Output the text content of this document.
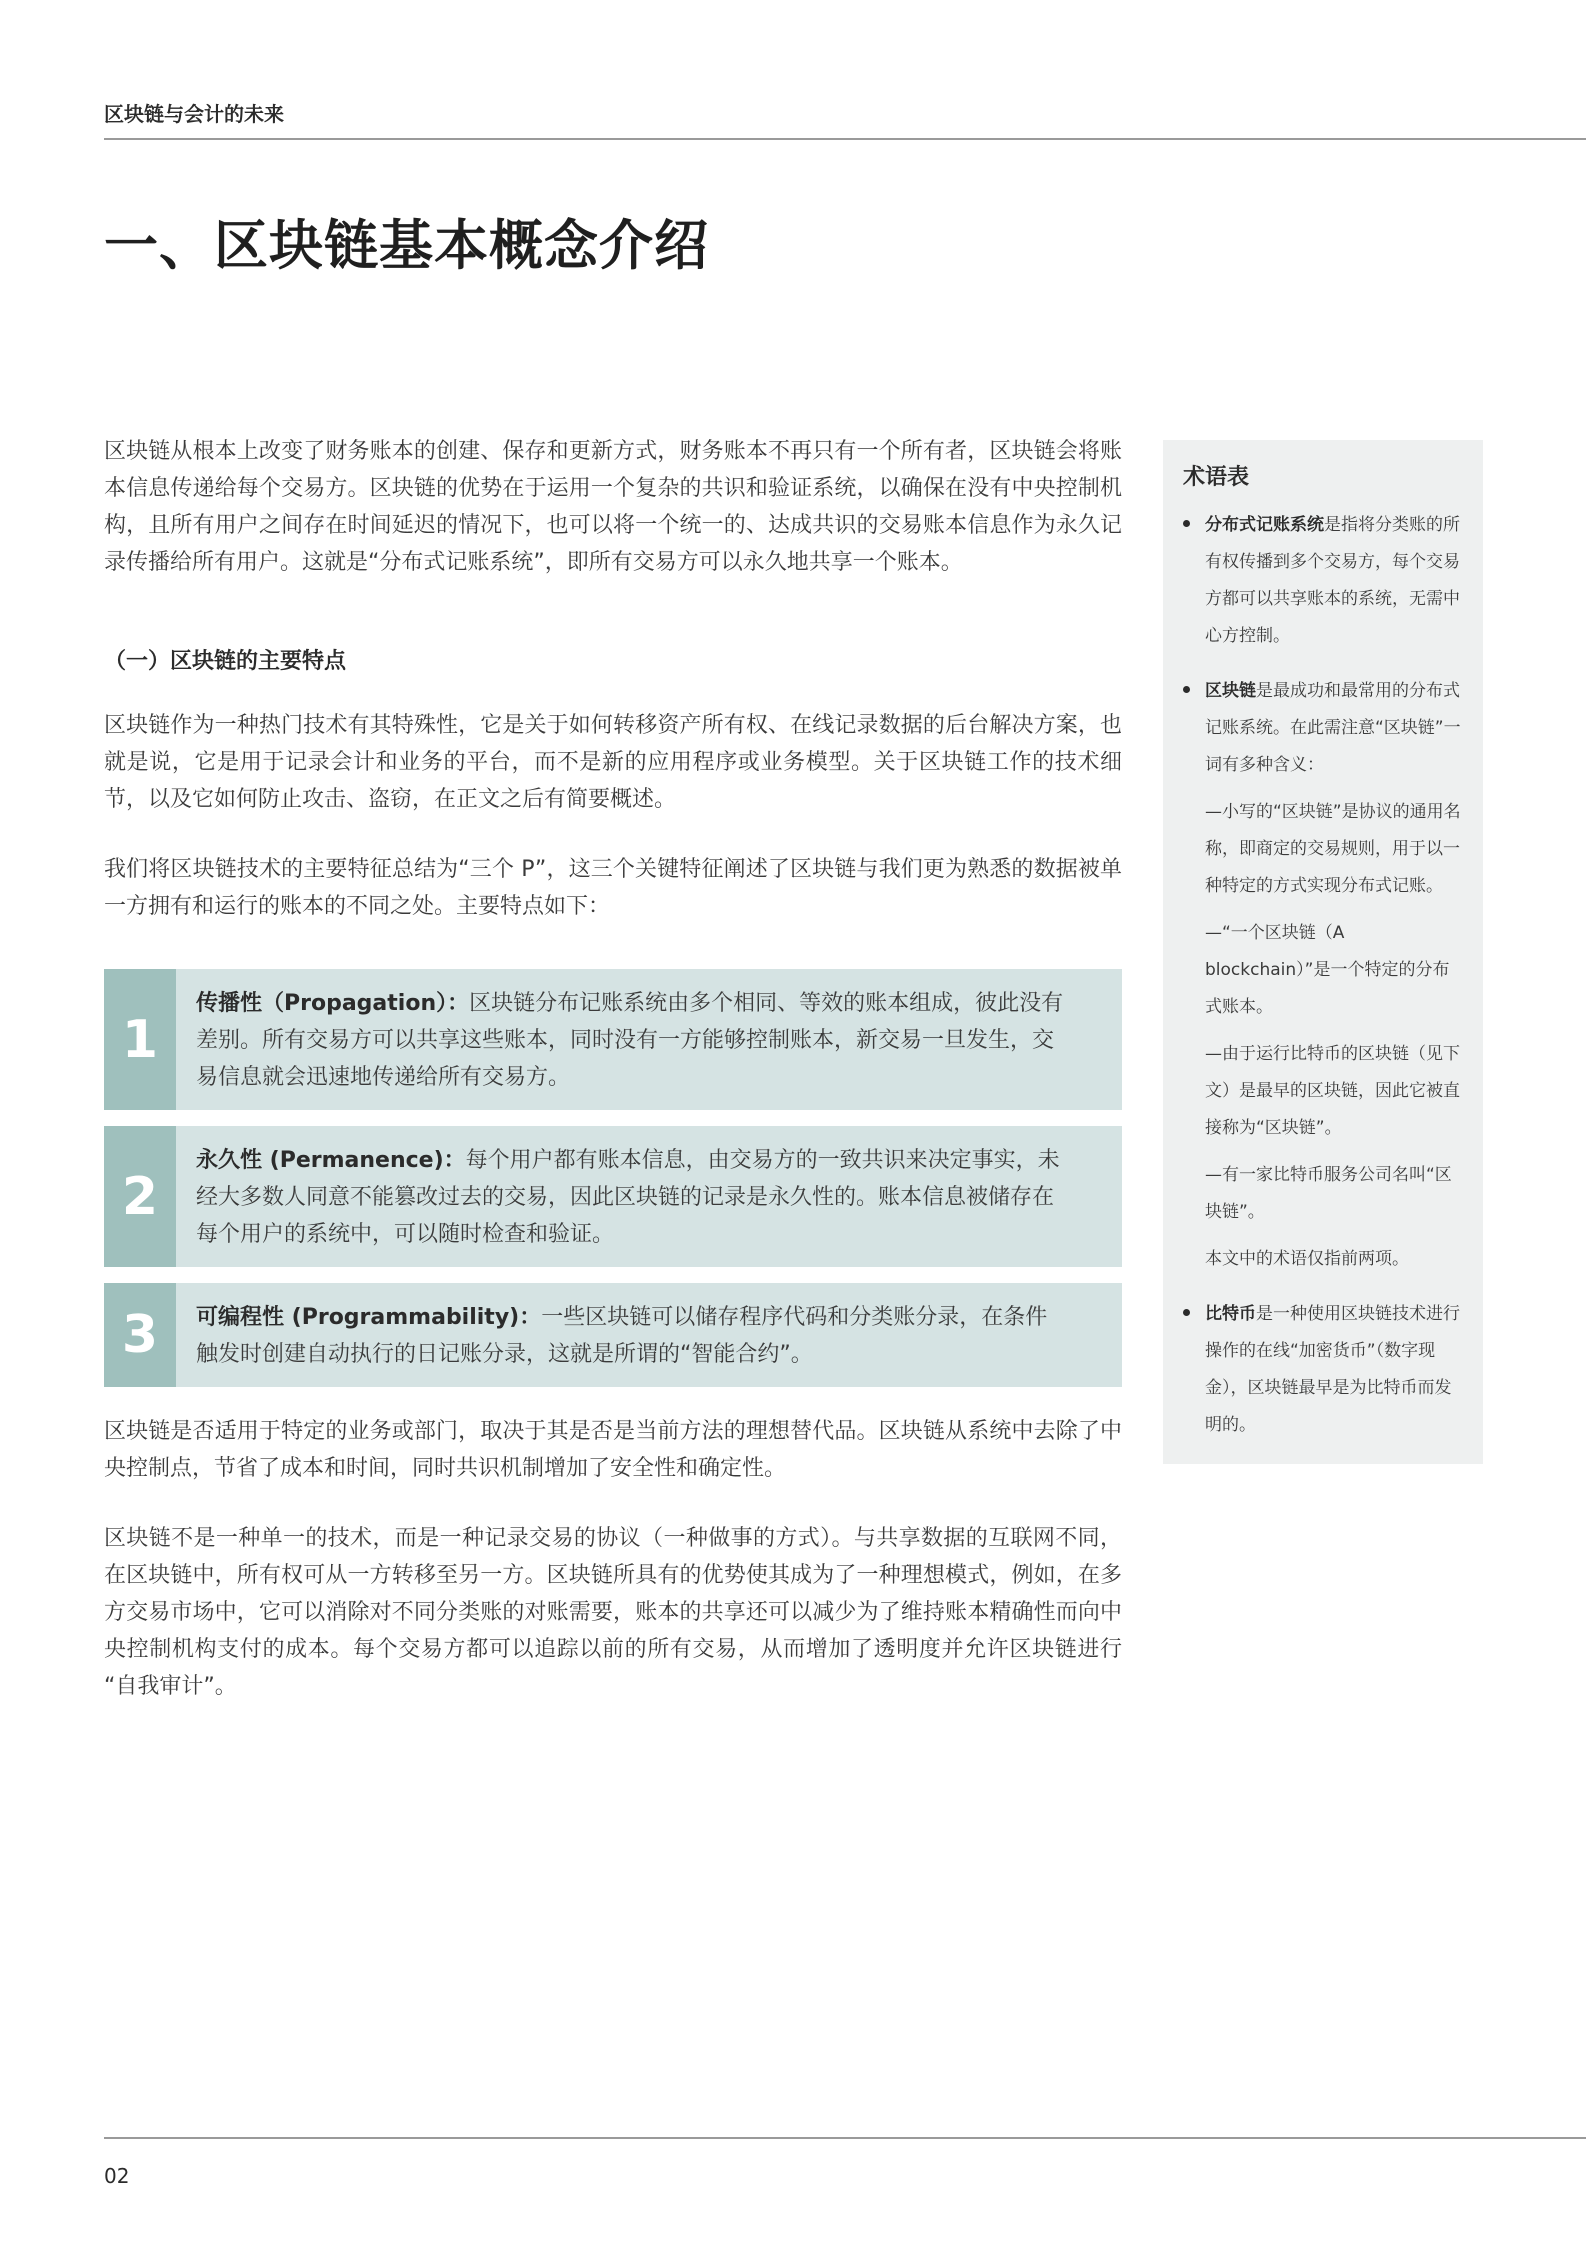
区块链与会计的未来
一、区块链基本概念介绍

区块链从根本上改变了财务账本的创建、保存和更新方式，财务账本不再只有一个所有者，区块链会将账本信息传递给每个交易方。区块链的优势在于运用一个复杂的共识和验证系统，以确保在没有中央控制机构，且所有用户之间存在时间延迟的情况下，也可以将一个统一的、达成共识的交易账本信息作为永久记录传播给所有用户。这就是“分布式记账系统”，即所有交易方可以永久地共享一个账本。

（一）区块链的主要特点

区块链作为一种热门技术有其特殊性，它是关于如何转移资产所有权、在线记录数据的后台解决方案，也就是说，它是用于记录会计和业务的平台，而不是新的应用程序或业务模型。关于区块链工作的技术细节，以及它如何防止攻击、盗窃，在正文之后有简要概述。

我们将区块链技术的主要特征总结为“三个 P”，这三个关键特征阐述了区块链与我们更为熟悉的数据被单一方拥有和运行的账本的不同之处。主要特点如下：

1
传播性（Propagation）：区块链分布记账系统由多个相同、等效的账本组成，彼此没有差别。所有交易方可以共享这些账本，同时没有一方能够控制账本，新交易一旦发生，交易信息就会迅速地传递给所有交易方。
2
永久性 (Permanence)：每个用户都有账本信息，由交易方的一致共识来决定事实，未经大多数人同意不能篡改过去的交易，因此区块链的记录是永久性的。账本信息被储存在每个用户的系统中，可以随时检查和验证。
3	可编程性 (Programmability)：一些区块链可以储存程序代码和分类账分录，在条件触发时创建自动执行的日记账分录，这就是所谓的“智能合约”。

区块链是否适用于特定的业务或部门，取决于其是否是当前方法的理想替代品。区块链从系统中去除了中央控制点，节省了成本和时间，同时共识机制增加了安全性和确定性。

区块链不是一种单一的技术，而是一种记录交易的协议（一种做事的方式）。与共享数据的互联网不同，在区块链中，所有权可从一方转移至另一方。区块链所具有的优势使其成为了一种理想模式，例如，在多方交易市场中，它可以消除对不同分类账的对账需要，账本的共享还可以减少为了维持账本精确性而向中央控制机构支付的成本。每个交易方都可以追踪以前的所有交易，从而增加了透明度并允许区块链进行 “自我审计”。

术语表

分布式记账系统是指将分类账的所有权传播到多个交易方，每个交易方都可以共享账本的系统，无需中心方控制。

区块链是最成功和最常用的分布式记账系统。在此需注意“区块链”一词有多种含义：

—小写的“区块链”是协议的通用名称，即商定的交易规则，用于以一种特定的方式实现分布式记账。

—“一个区块链（A blockchain）”是一个特定的分布式账本。

—由于运行比特币的区块链（见下文）是最早的区块链，因此它被直接称为“区块链”。

—有一家比特币服务公司名叫“区块链”。

本文中的术语仅指前两项。

比特币是一种使用区块链技术进行操作的在线“加密货币”（数字现金），区块链最早是为比特币而发明的。

02
